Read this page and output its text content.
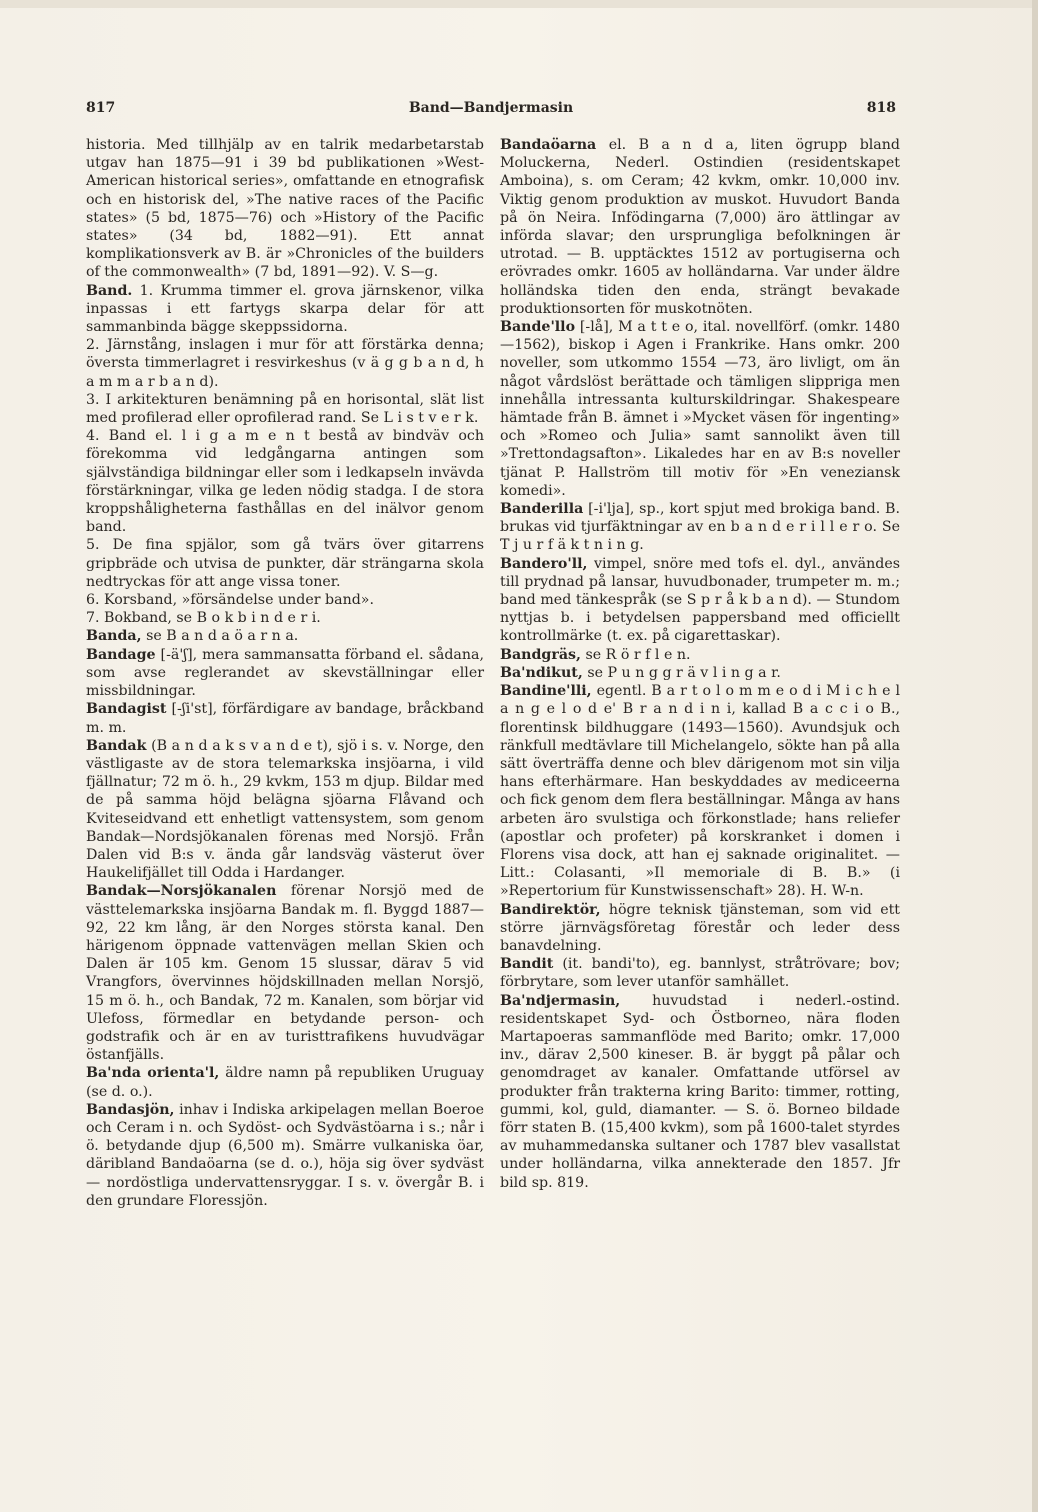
Band—Bandjermasin
817	818

historia. Med tillhjälp av en talrik medarbetarstab utgav han 1875—91 i 39 bd publikationen »West-American historical series», omfattande en etnografisk och en historisk del, »The native races of the Pacific states» (5 bd, 1875—76) och »History of the Pacific states» (34 bd, 1882—91). Ett annat komplikationsverk av B. är »Chronicles of the builders of the commonwealth» (7 bd, 1891—92). V. S—g.

Band. 1. Krumma timmer el. grova järnskenor, vilka inpassas i ett fartygs skarpa delar för att sammanbinda bägge skeppssidorna.

2. Järnstång, inslagen i mur för att förstärka denna; översta timmerlagret i resvirkeshus (v ä g g b a n d, h a m m a r b a n d).

3. I arkitekturen benämning på en horisontal, slät list med profilerad eller oprofilerad rand. Se L i s t v e r k.

4. Band el. l i g a m e n t bestå av bindväv och förekomma vid ledgångarna antingen som självständiga bildningar eller som i ledkapseln invävda förstärkningar, vilka ge leden nödig stadga. I de stora kroppshåligheterna fasthållas en del inälvor genom band.

5. De fina spjälor, som gå tvärs över gitarrens gripbräde och utvisa de punkter, där strängarna skola nedtryckas för att ange vissa toner.

6. Korsband, »försändelse under band».

7. Bokband, se B o k b i n d e r i.

Banda, se B a n d a ö a r n a.

Bandage [-ä'ʃ], mera sammansatta förband el. sådana, som avse reglerandet av skevställningar eller missbildningar.

Bandagist [-ʃi'st], förfärdigare av bandage, bråckband m. m.

Bandak (B a n d a k s v a n d e t), sjö i s. v. Norge, den västligaste av de stora telemarkska insjöarna, i vild fjällnatur; 72 m ö. h., 29 kvkm, 153 m djup. Bildar med de på samma höjd belägna sjöarna Flåvand och Kviteseidvand ett enhetligt vattensystem, som genom Bandak—Nordsjökanalen förenas med Norsjö. Från Dalen vid B:s v. ända går landsväg västerut över Haukelifjället till Odda i Hardanger.

Bandak—Norsjökanalen förenar Norsjö med de västtelemarkska insjöarna Bandak m. fl. Byggd 1887—92, 22 km lång, är den Norges största kanal. Den härigenom öppnade vattenvägen mellan Skien och Dalen är 105 km. Genom 15 slussar, därav 5 vid Vrangfors, övervinnes höjdskillnaden mellan Norsjö, 15 m ö. h., och Bandak, 72 m. Kanalen, som börjar vid Ulefoss, förmedlar en betydande person- och godstrafik och är en av turisttrafikens huvudvägar östanfjälls.

Ba'nda orienta'l, äldre namn på republiken Uruguay (se d. o.).

Bandasjön, inhav i Indiska arkipelagen mellan Boeroe och Ceram i n. och Sydöst- och Sydvästöarna i s.; når i ö. betydande djup (6,500 m). Smärre vulkaniska öar, däribland Bandaöarna (se d. o.), höja sig över sydväst — nordöstliga undervattensryggar. I s. v. övergår B. i den grundare Floressjön.

Bandaöarna el. B a n d a, liten ögrupp bland Moluckerna, Nederl. Ostindien (residentskapet Amboina), s. om Ceram; 42 kvkm, omkr. 10,000 inv. Viktig genom produktion av muskot. Huvudort Banda på ön Neira. Infödingarna (7,000) äro ättlingar av införda slavar; den ursprungliga befolkningen är utrotad. — B. upptäcktes 1512 av portugiserna och erövrades omkr. 1605 av holländarna. Var under äldre holländska tiden den enda, strängt bevakade produktionsorten för muskotnöten.

Bande'llo [-lå], M a t t e o, ital. novellförf. (omkr. 1480—1562), biskop i Agen i Frankrike. Hans omkr. 200 noveller, som utkommo 1554 —73, äro livligt, om än något vårdslöst berättade och tämligen slippriga men innehålla intressanta kulturskildringar. Shakespeare hämtade från B. ämnet i »Mycket väsen för ingenting» och »Romeo och Julia» samt sannolikt även till »Trettondagsafton». Likaledes har en av B:s noveller tjänat P. Hallström till motiv för »En veneziansk komedi».

Banderilla [-i'lja], sp., kort spjut med brokiga band. B. brukas vid tjurfäktningar av en b a n d e r i l l e r o. Se T j u r f ä k t n i n g.

Bandero'll, vimpel, snöre med tofs el. dyl., användes till prydnad på lansar, huvudbonader, trumpeter m. m.; band med tänkespråk (se S p r å k b a n d). — Stundom nyttjas b. i betydelsen pappersband med officiellt kontrollmärke (t. ex. på cigarettaskar).

Bandgräs, se R ö r f l e n.

Ba'ndikut, se P u n g g r ä v l i n g a r.

Bandine'lli, egentl. B a r t o l o m m e o d i M i c h e l a n g e l o d e' B r a n d i n i, kallad B a c c i o B., florentinsk bildhuggare (1493—1560). Avundsjuk och ränkfull medtävlare till Michelangelo, sökte han på alla sätt överträffa denne och blev därigenom mot sin vilja hans efterhärmare. Han beskyddades av mediceerna och fick genom dem flera beställningar. Många av hans arbeten äro svulstiga och förkonstlade; hans reliefer (apostlar och profeter) på korskranket i domen i Florens visa dock, att han ej saknade originalitet. — Litt.: Colasanti, »Il memoriale di B. B.» (i »Repertorium für Kunstwissenschaft» 28). H. W-n.

Bandirektör, högre teknisk tjänsteman, som vid ett större järnvägsföretag förestår och leder dess banavdelning.

Bandit (it. bandi'to), eg. bannlyst, stråtrövare; bov; förbrytare, som lever utanför samhället.

Ba'ndjermasin, huvudstad i nederl.-ostind. residentskapet Syd- och Östborneo, nära floden Martapoeras sammanflöde med Barito; omkr. 17,000 inv., därav 2,500 kineser. B. är byggt på pålar och genomdraget av kanaler. Omfattande utförsel av produkter från trakterna kring Barito: timmer, rotting, gummi, kol, guld, diamanter. — S. ö. Borneo bildade förr staten B. (15,400 kvkm), som på 1600-talet styrdes av muhammedanska sultaner och 1787 blev vasallstat under holländarna, vilka annekterade den 1857. Jfr bild sp. 819.
